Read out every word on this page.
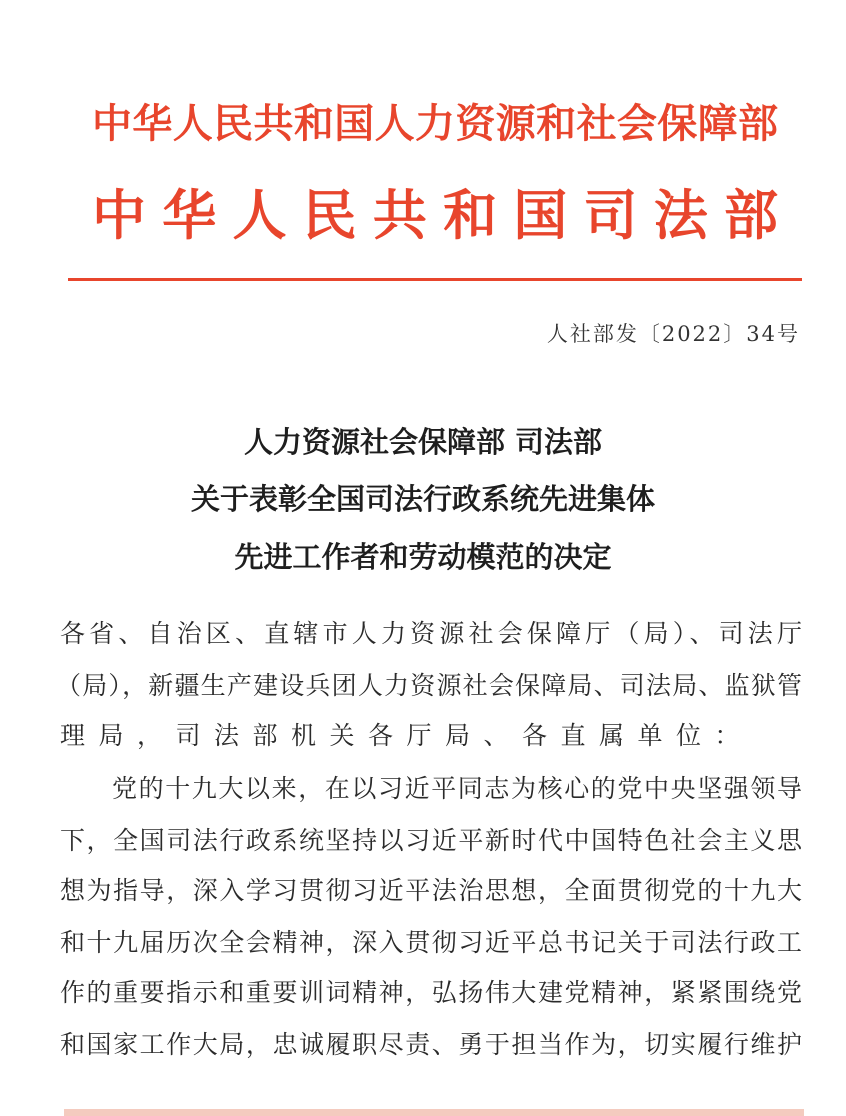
中华人民共和国人力资源和社会保障部
中华人民共和国司法部
人社部发〔2022〕34号
人力资源社会保障部 司法部
关于表彰全国司法行政系统先进集体
先进工作者和劳动模范的决定
各省、自治区、直辖市人力资源社会保障厅（局）、司法厅
（局），新疆生产建设兵团人力资源社会保障局、司法局、监狱管
理局，司法部机关各厅局、各直属单位：
党的十九大以来，在以习近平同志为核心的党中央坚强领导
下，全国司法行政系统坚持以习近平新时代中国特色社会主义思
想为指导，深入学习贯彻习近平法治思想，全面贯彻党的十九大
和十九届历次全会精神，深入贯彻习近平总书记关于司法行政工
作的重要指示和重要训词精神，弘扬伟大建党精神，紧紧围绕党
和国家工作大局，忠诚履职尽责、勇于担当作为，切实履行维护
